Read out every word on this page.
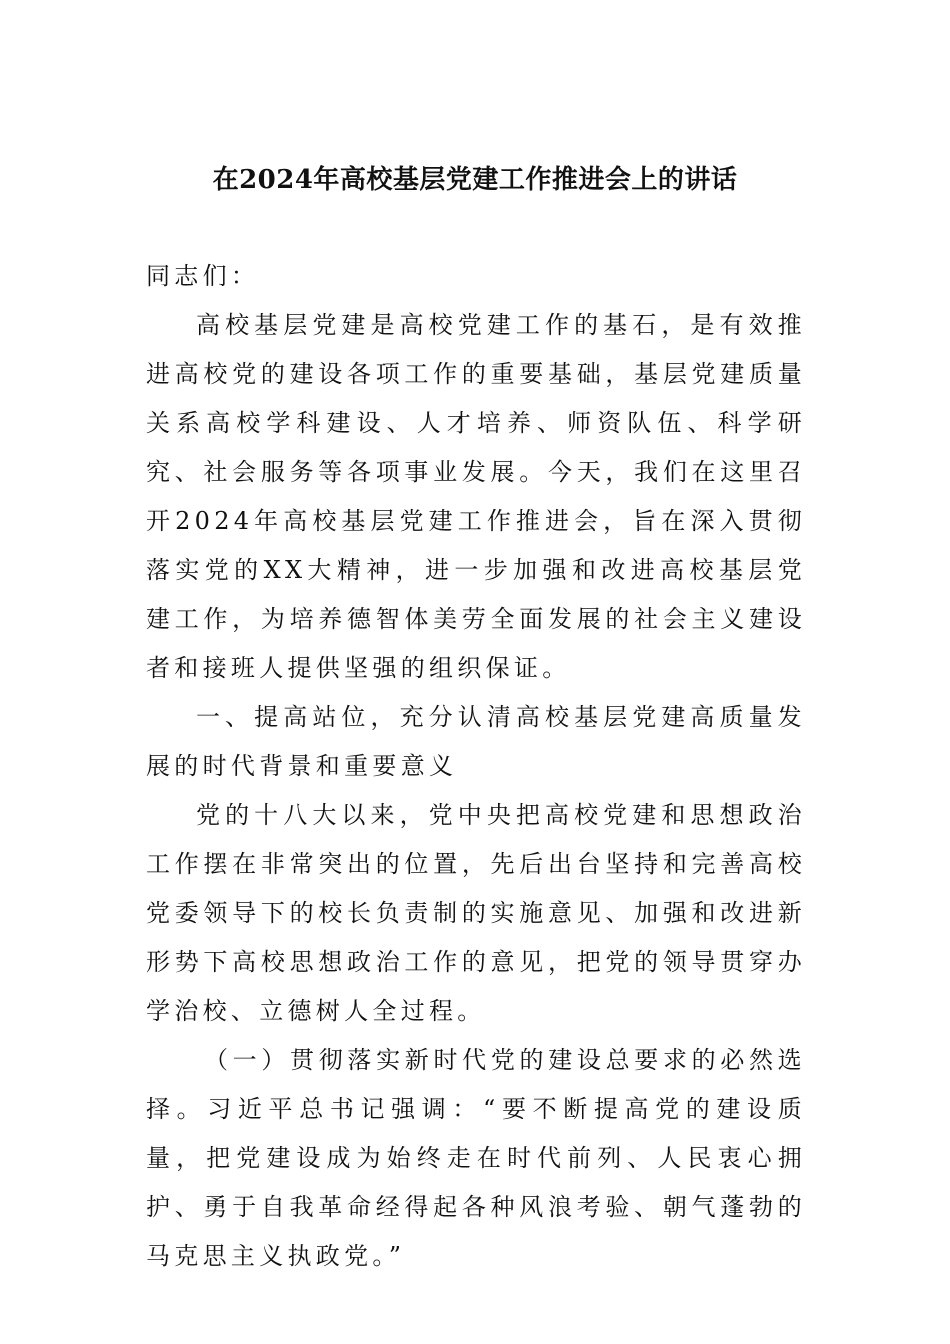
在2024年高校基层党建工作推进会上的讲话

同志们：

高校基层党建是高校党建工作的基石，是有效推进高校党的建设各项工作的重要基础，基层党建质量关系高校学科建设、人才培养、师资队伍、科学研究、社会服务等各项事业发展。今天，我们在这里召开2024年高校基层党建工作推进会，旨在深入贯彻落实党的XX大精神，进一步加强和改进高校基层党建工作，为培养德智体美劳全面发展的社会主义建设者和接班人提供坚强的组织保证。

一、提高站位，充分认清高校基层党建高质量发展的时代背景和重要意义

党的十八大以来，党中央把高校党建和思想政治工作摆在非常突出的位置，先后出台坚持和完善高校党委领导下的校长负责制的实施意见、加强和改进新形势下高校思想政治工作的意见，把党的领导贯穿办学治校、立德树人全过程。

（一）贯彻落实新时代党的建设总要求的必然选择。习近平总书记强调：“要不断提高党的建设质量，把党建设成为始终走在时代前列、人民衷心拥护、勇于自我革命经得起各种风浪考验、朝气蓬勃的马克思主义执政党。”
